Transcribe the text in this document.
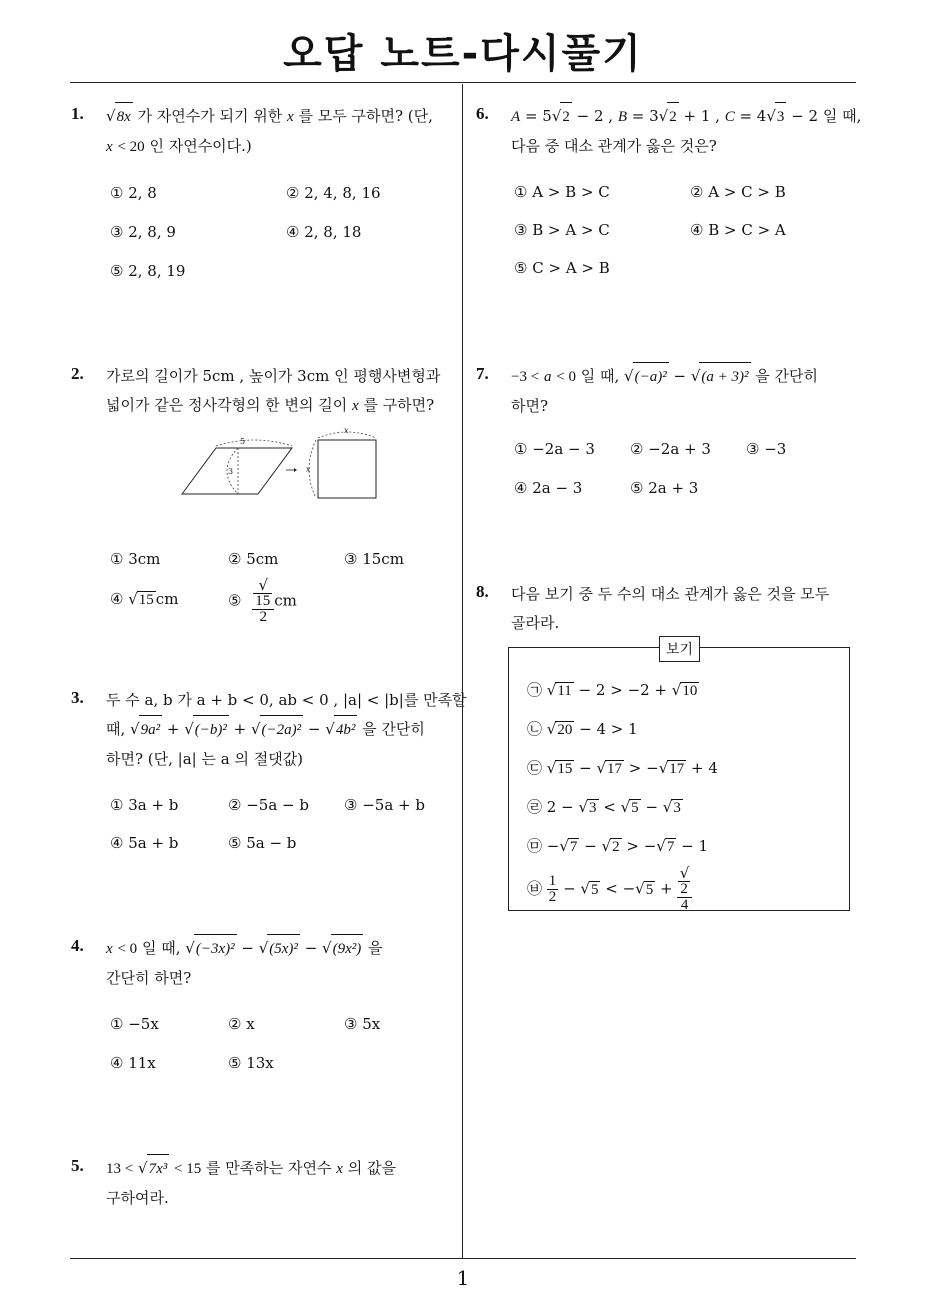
오답 노트-다시풀기
1
1. √8x 가 자연수가 되기 위한 x 를 모두 구하면? (단,
x < 20 인 자연수이다.)
① 2, 8	② 2, 4, 8, 16
③ 2, 8, 9	④ 2, 8, 18
⑤ 2, 8, 19
2. 가로의 길이가 5cm , 높이가 3cm 인 평행사변형과
넓이가 같은 정사각형의 한 변의 길이 x 를 구하면?
5
3
x
x
① 3cm	② 5cm	③ 15cm
④ √15 cm	⑤ √
15
2 cm
3. 두 수 a, b 가 a + b < 0, ab < 0 , |a| < |b|를 만족할
때, √9a² + √(−b)² + √(−2a)² − √4b² 을 간단히
하면? (단, |a| 는 a 의 절댓값)
① 3a + b	② −5a − b ③ −5a + b
④ 5a + b	⑤ 5a − b
4. x < 0 일 때, √(−3x)² − √(5x)² − √(9x²) 을
간단히 하면?
① −5x	② x	③ 5x
④ 11x	⑤ 13x
5. 13 < √7x³ < 15 를 만족하는 자연수 x 의 값을
구하여라.
6. A = 5√2 − 2 , B = 3√2 + 1 , C = 4√3 − 2 일 때,
다음 중 대소 관계가 옳은 것은?
① A > B > C	② A > C > B
③ B > A > C	④ B > C > A
⑤ C > A > B
7. −3 < a < 0 일 때, √(−a)² − √(a + 3)² 을 간단히
하면?
① −2a − 3 ② −2a + 3 ③ −3
④ 2a − 3	⑤ 2a + 3
8. 다음 보기 중 두 수의 대소 관계가 옳은 것을 모두
골라라.
보기
㉠ √11 − 2 > −2 + √10
㉡ √20 − 4 > 1
㉢ √15 − √17 > −√17 + 4
㉣ 2 − √3 < √5 − √3
㉤ −√7 − √2 > −√7 − 1
㉥ $\frac{1}{2} - √5 < -√5$ + √
2
4
